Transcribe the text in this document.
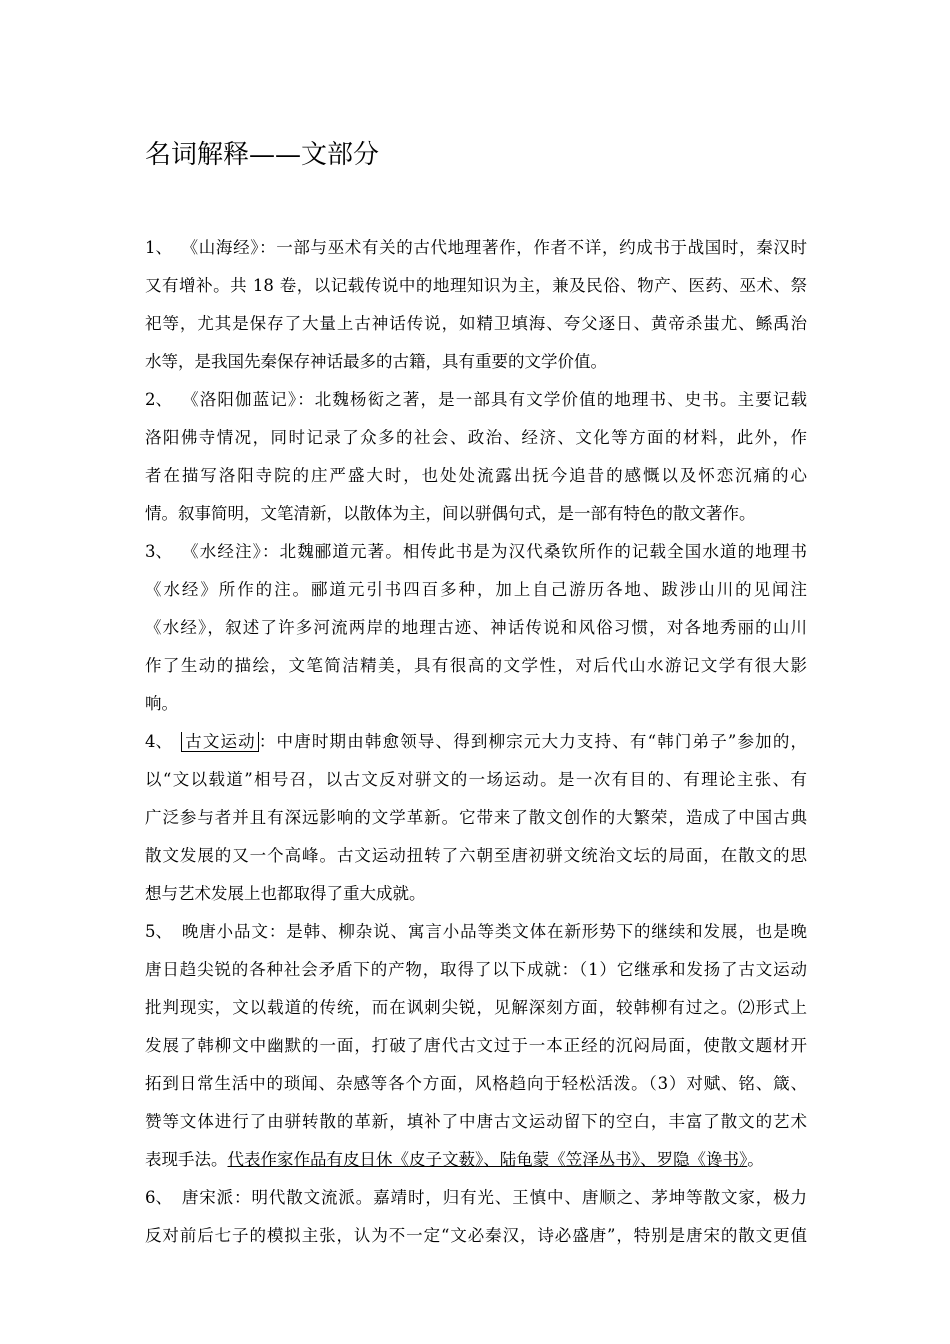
名词解释——文部分
1、 《山海经》：一部与巫术有关的古代地理著作，作者不详，约成书于战国时，秦汉时
又有增补。共 18 卷，以记载传说中的地理知识为主，兼及民俗、物产、医药、巫术、祭
祀等，尤其是保存了大量上古神话传说，如精卫填海、夸父逐日、黄帝杀蚩尤、鲧禹治
水等，是我国先秦保存神话最多的古籍，具有重要的文学价值。
2、 《洛阳伽蓝记》：北魏杨衒之著，是一部具有文学价值的地理书、史书。主要记载
洛阳佛寺情况，同时记录了众多的社会、政治、经济、文化等方面的材料，此外，作
者在描写洛阳寺院的庄严盛大时，也处处流露出抚今追昔的感慨以及怀恋沉痛的心
情。叙事简明，文笔清新，以散体为主，间以骈偶句式，是一部有特色的散文著作。
3、 《水经注》：北魏郦道元著。相传此书是为汉代桑钦所作的记载全国水道的地理书
《水经》所作的注。郦道元引书四百多种，加上自己游历各地、跋涉山川的见闻注
《水经》，叙述了许多河流两岸的地理古迹、神话传说和风俗习惯，对各地秀丽的山川
作了生动的描绘，文笔简洁精美，具有很高的文学性，对后代山水游记文学有很大影
响。
4、 古文运动 ：中唐时期由韩愈领导、得到柳宗元大力支持、有“韩门弟子”参加的，
以“文以载道”相号召，以古文反对骈文的一场运动。是一次有目的、有理论主张、有
广泛参与者并且有深远影响的文学革新。它带来了散文创作的大繁荣，造成了中国古典
散文发展的又一个高峰。古文运动扭转了六朝至唐初骈文统治文坛的局面，在散文的思
想与艺术发展上也都取得了重大成就。
5、 晚唐小品文：是韩、柳杂说、寓言小品等类文体在新形势下的继续和发展，也是晚
唐日趋尖锐的各种社会矛盾下的产物，取得了以下成就：（1）它继承和发扬了古文运动
批判现实，文以载道的传统，而在讽刺尖锐，见解深刻方面，较韩柳有过之。⑵形式上
发展了韩柳文中幽默的一面，打破了唐代古文过于一本正经的沉闷局面，使散文题材开
拓到日常生活中的琐闻、杂感等各个方面，风格趋向于轻松活泼。（3）对赋、铭、箴、
赞等文体进行了由骈转散的革新，填补了中唐古文运动留下的空白，丰富了散文的艺术
表现手法。代表作家作品有皮日休《皮子文薮》、陆龟蒙《笠泽丛书》、罗隐《谗书》。
6、 唐宋派：明代散文流派。嘉靖时，归有光、王慎中、唐顺之、茅坤等散文家，极力
反对前后七子的模拟主张，认为不一定“文必秦汉，诗必盛唐”，特别是唐宋的散文更值
